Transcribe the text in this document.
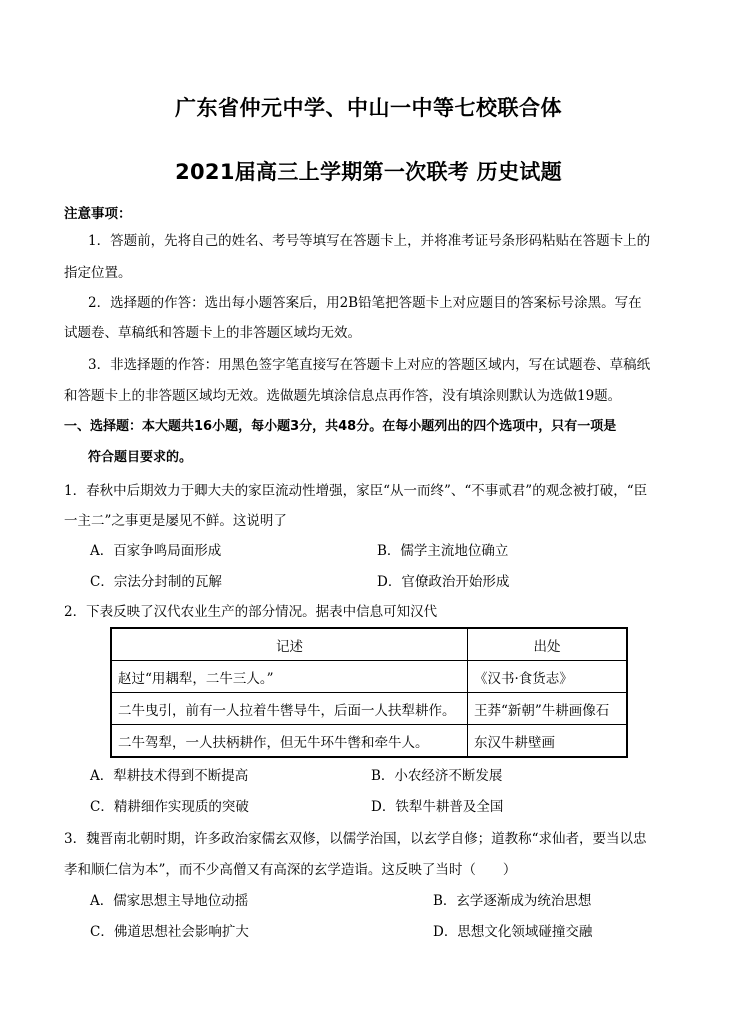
广东省仲元中学、中山一中等七校联合体
2021届高三上学期第一次联考 历史试题
注意事项：
1．答题前，先将自己的姓名、考号等填写在答题卡上，并将准考证号条形码粘贴在答题卡上的
指定位置。
2．选择题的作答：选出每小题答案后，用2B铅笔把答题卡上对应题目的答案标号涂黑。写在
试题卷、草稿纸和答题卡上的非答题区域均无效。
3．非选择题的作答：用黑色签字笔直接写在答题卡上对应的答题区域内，写在试题卷、草稿纸
和答题卡上的非答题区域均无效。选做题先填涂信息点再作答，没有填涂则默认为选做19题。
一、选择题：本大题共16小题，每小题3分，共48分。在每小题列出的四个选项中，只有一项是
符合题目要求的。
1．春秋中后期效力于卿大夫的家臣流动性增强，家臣“从一而终”、“不事贰君”的观念被打破，“臣
一主二”之事更是屡见不鲜。这说明了
A．百家争鸣局面形成	B．儒学主流地位确立
C．宗法分封制的瓦解	D．官僚政治开始形成
2．下表反映了汉代农业生产的部分情况。据表中信息可知汉代
记述	出处
赵过“用耦犁，二牛三人。”	《汉书·食货志》
二牛曳引，前有一人拉着牛辔导牛，后面一人扶犁耕作。	王莽“新朝”牛耕画像石
二牛驾犁，一人扶柄耕作，但无牛环牛辔和牵牛人。	东汉牛耕壁画
A．犁耕技术得到不断提高	B．小农经济不断发展
C．精耕细作实现质的突破	D．铁犁牛耕普及全国
3．魏晋南北朝时期，许多政治家儒玄双修，以儒学治国，以玄学自修；道教称“求仙者，要当以忠
孝和顺仁信为本”，而不少高僧又有高深的玄学造诣。这反映了当时（　　）
A．儒家思想主导地位动摇	B．玄学逐渐成为统治思想
C．佛道思想社会影响扩大	D．思想文化领域碰撞交融
